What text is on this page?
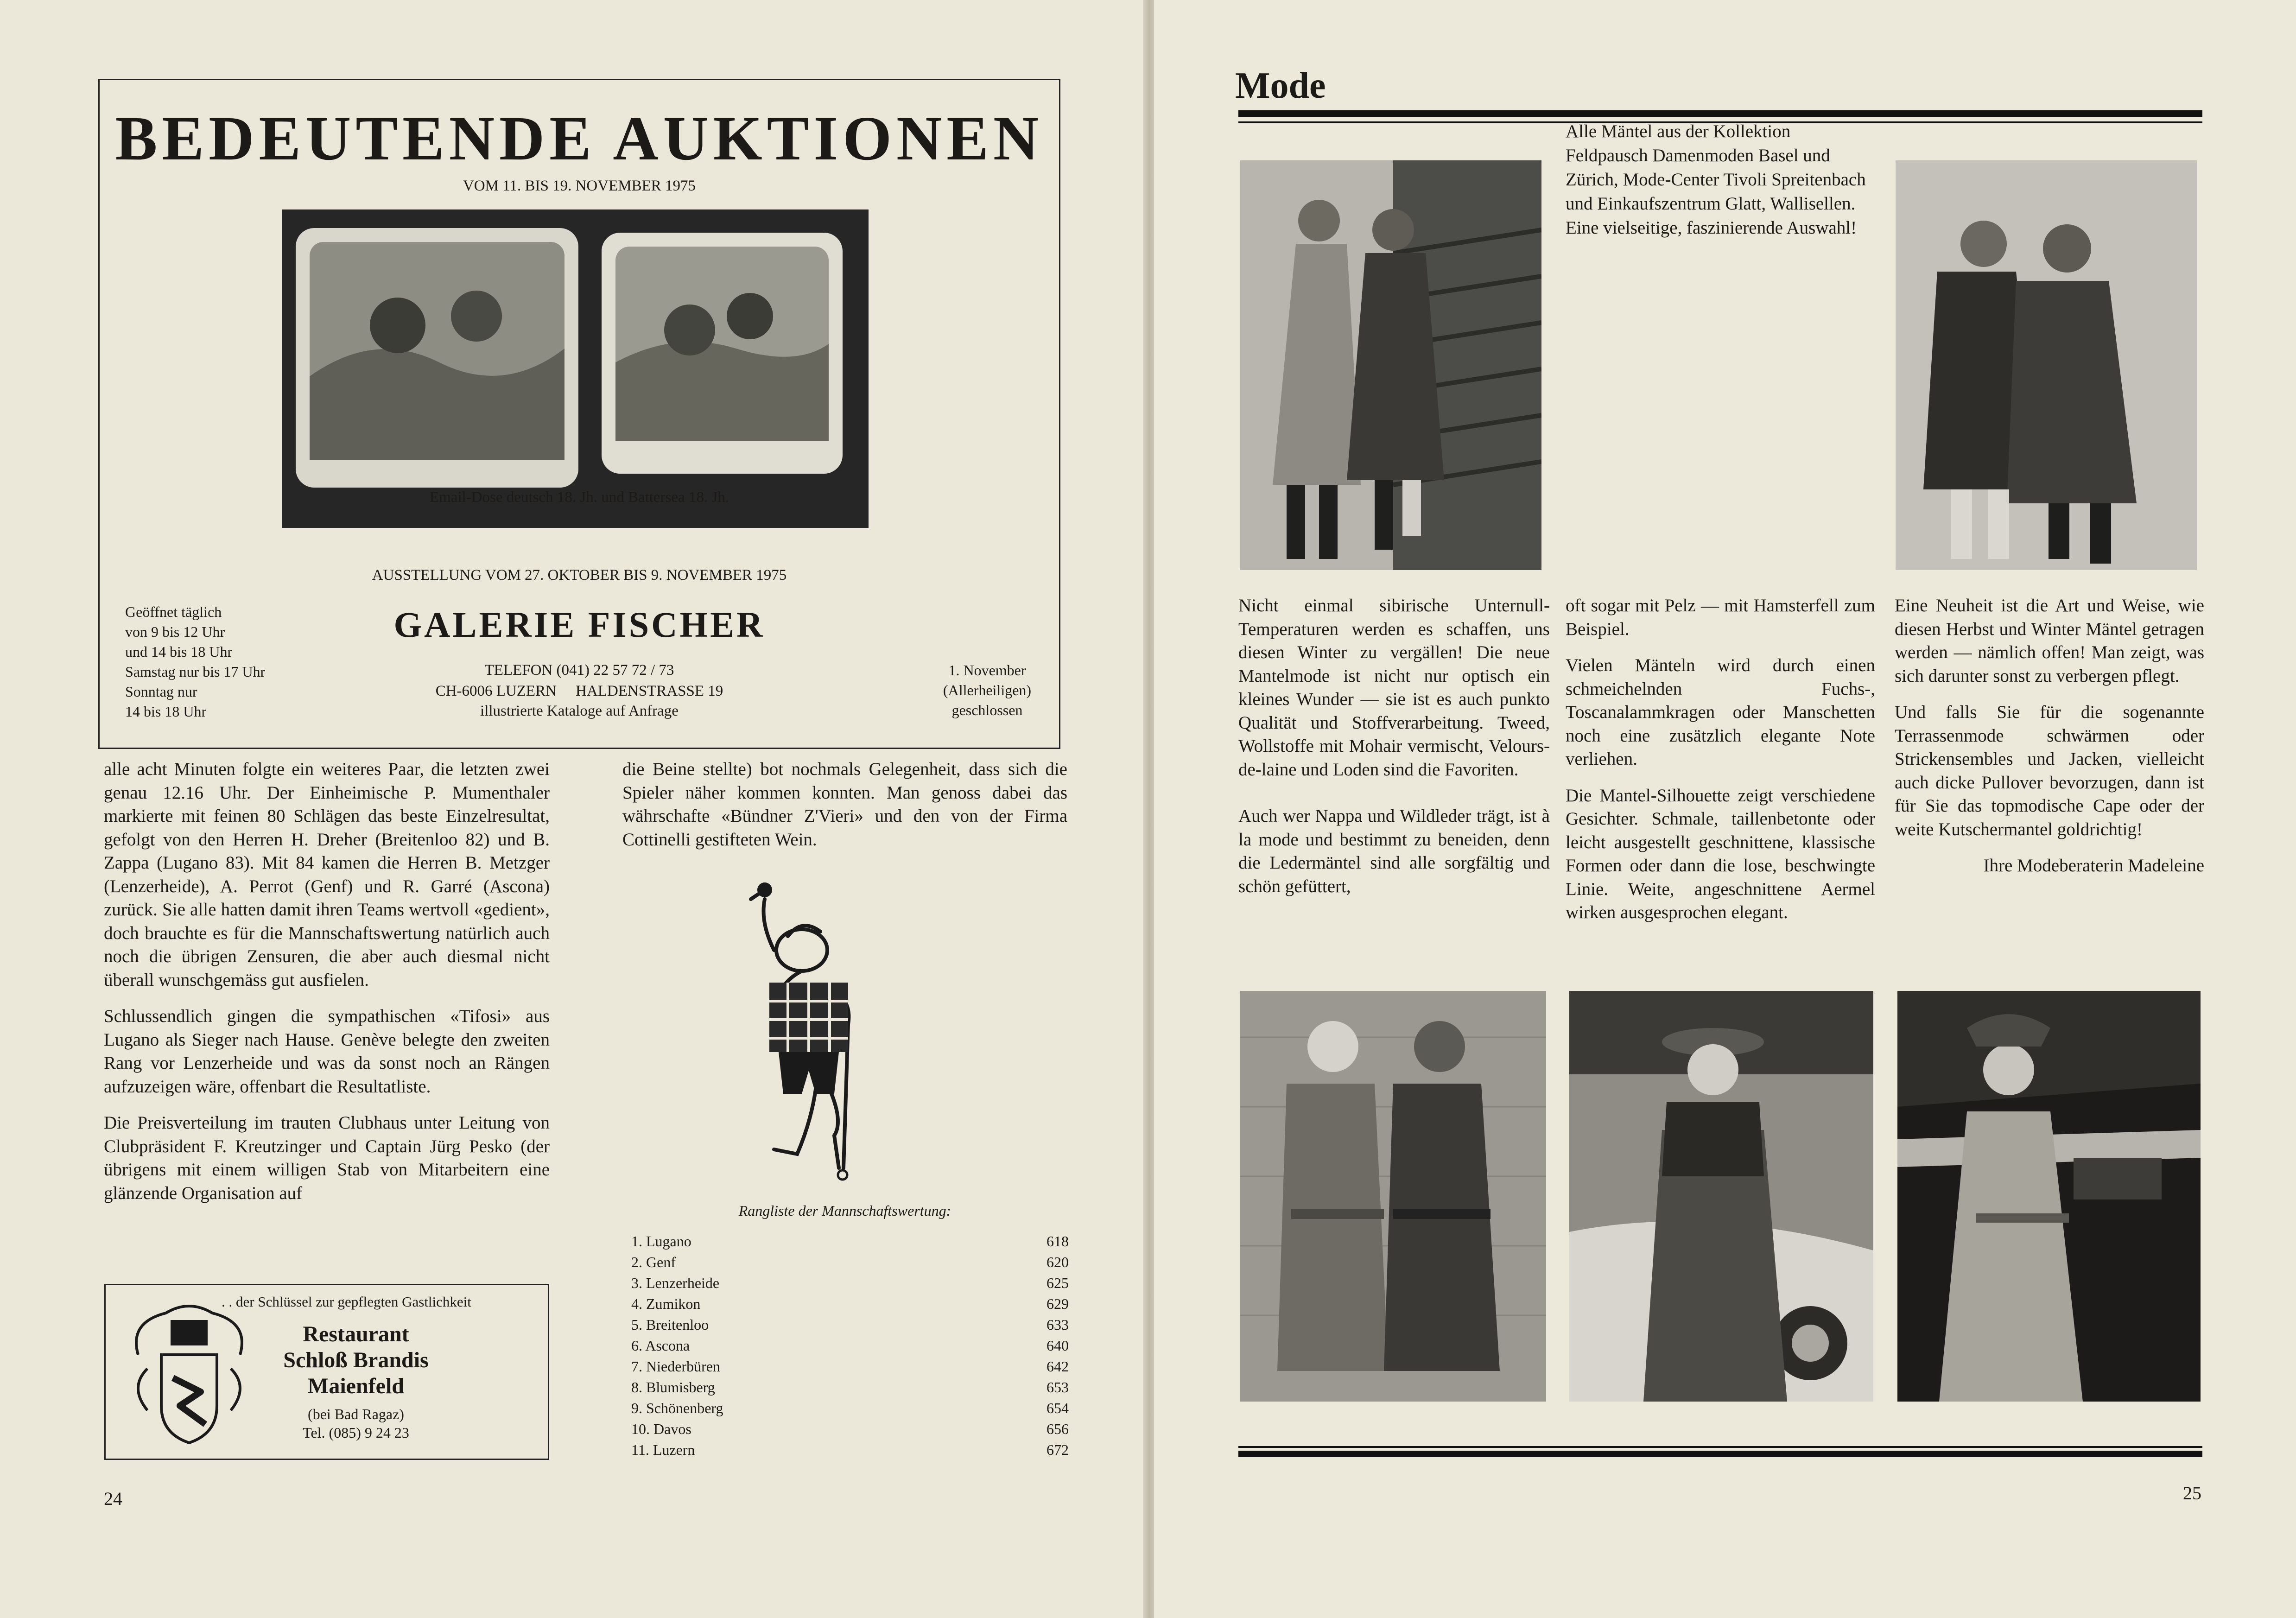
BEDEUTENDE AUKTIONEN
VOM 11. BIS 19. NOVEMBER 1975
Email-Dose deutsch 18. Jh. und Battersea 18. Jh.
AUSSTELLUNG VOM 27. OKTOBER BIS 9. NOVEMBER 1975
GALERIE FISCHER
TELEFON (041) 22 57 72 / 73
CH-6006 LUZERN     HALDENSTRASSE 19
illustrierte Kataloge auf Anfrage
Geöffnet täglich
von 9 bis 12 Uhr
und 14 bis 18 Uhr
Samstag nur bis 17 Uhr
Sonntag nur
14 bis 18 Uhr
1. November
(Allerheiligen)
geschlossen

alle acht Minuten folgte ein weiteres Paar, die letzten zwei genau 12.16 Uhr. Der Einheimische P. Mumenthaler markierte mit feinen 80 Schlägen das beste Einzelresultat, gefolgt von den Herren H. Dreher (Breitenloo 82) und B. Zappa (Lugano 83). Mit 84 kamen die Herren B. Metzger (Lenzerheide), A. Perrot (Genf) und R. Garré (Ascona) zurück. Sie alle hatten damit ihren Teams wertvoll «gedient», doch brauchte es für die Mannschaftswertung natürlich auch noch die übrigen Zensuren, die aber auch diesmal nicht überall wunschgemäss gut ausfielen.

Schlussendlich gingen die sympathischen «Tifosi» aus Lugano als Sieger nach Hause. Genève belegte den zweiten Rang vor Lenzerheide und was da sonst noch an Rängen aufzuzeigen wäre, offenbart die Resultatliste.

Die Preisverteilung im trauten Clubhaus unter Leitung von Clubpräsident F. Kreutzinger und Captain Jürg Pesko (der übrigens mit einem willigen Stab von Mitarbeitern eine glänzende Organisation auf

die Beine stellte) bot nochmals Gelegenheit, dass sich die Spieler näher kommen konnten. Man genoss dabei das währschafte «Bündner Z'Vieri» und den von der Firma Cottinelli gestifteten Wein.

Rangliste der Mannschaftswertung:
1. Lugano	618
2. Genf	620
3. Lenzerheide	625
4. Zumikon	629
5. Breitenloo	633
6. Ascona	640
7. Niederbüren	642
8. Blumisberg	653
9. Schönenberg	654
10. Davos	656
11. Luzern	672
. . der Schlüssel zur gepflegten Gastlichkeit
Restaurant
Schloß Brandis
Maienfeld
(bei Bad Ragaz)
Tel. (085) 9 24 23
24
Mode
Alle Mäntel aus der Kollektion Feldpausch Damenmoden Basel und Zürich, Mode-Center Tivoli Spreitenbach und Einkaufszentrum Glatt, Wallisellen. Eine vielseitige, faszinierende Auswahl!

Nicht einmal sibirische Unternull-Temperaturen werden es schaffen, uns diesen Winter zu vergällen! Die neue Mantelmode ist nicht nur optisch ein kleines Wunder — sie ist es auch punkto Qualität und Stoffverarbeitung. Tweed, Wollstoffe mit Mohair vermischt, Velours-de-laine und Loden sind die Favoriten.

Auch wer Nappa und Wildleder trägt, ist à la mode und bestimmt zu beneiden, denn die Ledermäntel sind alle sorgfältig und schön gefüttert,

oft sogar mit Pelz — mit Hamsterfell zum Beispiel.

Vielen Mänteln wird durch einen schmeichelnden Fuchs-, Toscanalammkragen oder Manschetten noch eine zusätzlich elegante Note verliehen.

Die Mantel-Silhouette zeigt verschiedene Gesichter. Schmale, taillenbetonte oder leicht ausgestellt geschnittene, klassische Formen oder dann die lose, beschwingte Linie. Weite, angeschnittene Aermel wirken ausgesprochen elegant.

Eine Neuheit ist die Art und Weise, wie diesen Herbst und Winter Mäntel getragen werden — nämlich offen! Man zeigt, was sich darunter sonst zu verbergen pflegt.

Und falls Sie für die sogenannte Terrassenmode schwärmen oder Strickensembles und Jacken, vielleicht auch dicke Pullover bevorzugen, dann ist für Sie das topmodische Cape oder der weite Kutschermantel goldrichtig!

Ihre Modeberaterin Madeleine

25
